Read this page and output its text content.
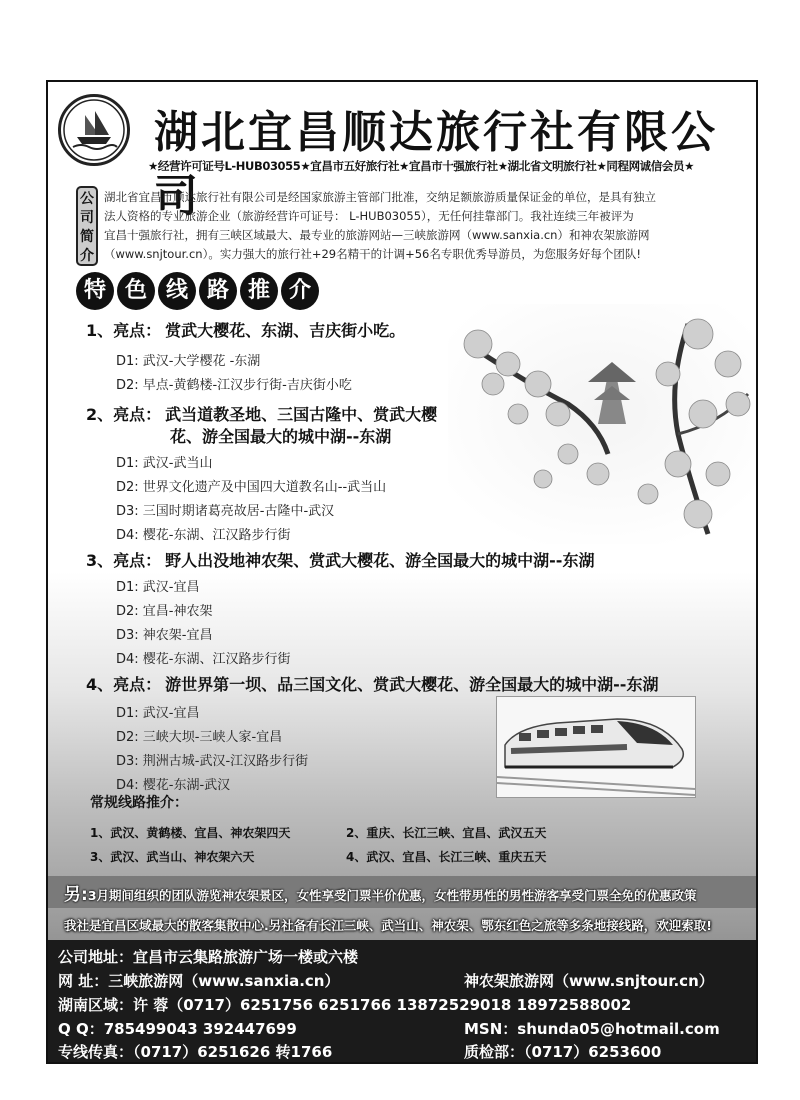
湖北宜昌顺达旅行社有限公司
★经营许可证号L-HUB03055★宜昌市五好旅行社★宜昌市十强旅行社★湖北省文明旅行社★同程网诚信会员★
公
司
简
介
湖北省宜昌市顺达旅行社有限公司是经国家旅游主管部门批准，交纳足额旅游质量保证金的单位，是具有独立
法人资格的专业旅游企业（旅游经营许可证号： L-HUB03055），无任何挂靠部门。我社连续三年被评为
宜昌十强旅行社，拥有三峡区域最大、最专业的旅游网站—三峡旅游网（www.sanxia.cn）和神农架旅游网
（www.snjtour.cn）。实力强大的旅行社+29名精干的计调+56名专职优秀导游员，为您服务好每个团队!
特 色 线 路 推 介
1、亮点： 赏武大樱花、东湖、吉庆街小吃。
D1: 武汉-大学樱花 -东湖
D2: 早点-黄鹤楼-江汉步行街-吉庆街小吃
2、亮点： 武当道教圣地、三国古隆中、赏武大樱
花、游全国最大的城中湖--东湖
D1: 武汉-武当山
D2: 世界文化遗产及中国四大道教名山--武当山
D3: 三国时期诸葛亮故居-古隆中-武汉
D4: 樱花-东湖、江汉路步行街
3、亮点： 野人出没地神农架、赏武大樱花、游全国最大的城中湖--东湖
D1: 武汉-宜昌
D2: 宜昌-神农架
D3: 神农架-宜昌
D4: 樱花-东湖、江汉路步行街
4、亮点： 游世界第一坝、品三国文化、赏武大樱花、游全国最大的城中湖--东湖
D1: 武汉-宜昌
D2: 三峡大坝-三峡人家-宜昌
D3: 荆洲古城-武汉-江汉路步行街
D4: 樱花-东湖-武汉
常规线路推介：
1、武汉、黄鹤楼、宜昌、神农架四天	2、重庆、长江三峡、宜昌、武汉五天
3、武汉、武当山、神农架六天	4、武汉、宜昌、长江三峡、重庆五天
另:3月期间组织的团队游览神农架景区，女性享受门票半价优惠，女性带男性的男性游客享受门票全免的优惠政策
我社是宜昌区域最大的散客集散中心.另社备有长江三峡、武当山、神农架、鄂东红色之旅等多条地接线路，欢迎索取!
公司地址：宜昌市云集路旅游广场一楼或六楼
网 址：三峡旅游网（www.sanxia.cn）	神农架旅游网（www.snjtour.cn）
湖南区域：许 蓉（0717）6251756 6251766 13872529018 18972588002
Q Q：785499043 392447699	MSN：shunda05@hotmail.com
专线传真：（0717）6251626 转1766	质检部：（0717）6253600
